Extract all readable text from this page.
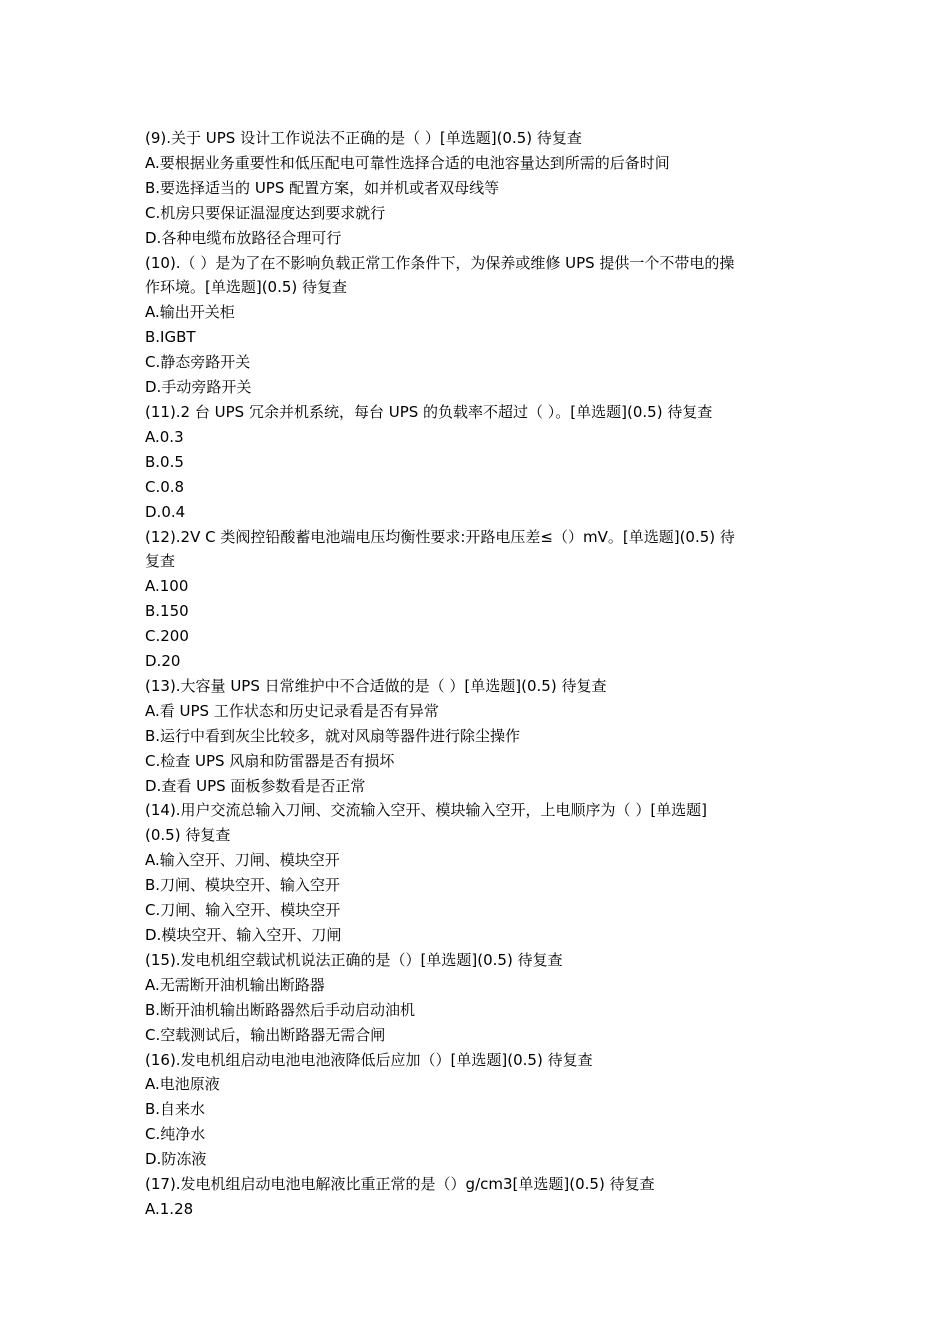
(9).关于 UPS 设计工作说法不正确的是（ ）[单选题](0.5) 待复查

A.要根据业务重要性和低压配电可靠性选择合适的电池容量达到所需的后备时间

B.要选择适当的 UPS 配置方案，如并机或者双母线等

C.机房只要保证温湿度达到要求就行

D.各种电缆布放路径合理可行

(10).（ ）是为了在不影响负载正常工作条件下，为保养或维修 UPS 提供一个不带电的操

作环境。[单选题](0.5) 待复查

A.输出开关柜

B.IGBT

C.静态旁路开关

D.手动旁路开关

(11).2 台 UPS 冗余并机系统，每台 UPS 的负载率不超过（ ）。[单选题](0.5) 待复查

A.0.3

B.0.5

C.0.8

D.0.4

(12).2V C 类阀控铅酸蓄电池端电压均衡性要求:开路电压差≤（）mV。[单选题](0.5) 待

复查

A.100

B.150

C.200

D.20

(13).大容量 UPS 日常维护中不合适做的是（ ）[单选题](0.5) 待复查

A.看 UPS 工作状态和历史记录看是否有异常

B.运行中看到灰尘比较多，就对风扇等器件进行除尘操作

C.检查 UPS 风扇和防雷器是否有损坏

D.查看 UPS 面板参数看是否正常

(14).用户交流总输入刀闸、交流输入空开、模块输入空开，上电顺序为（ ）[单选题]

(0.5) 待复查

A.输入空开、刀闸、模块空开

B.刀闸、模块空开、输入空开

C.刀闸、输入空开、模块空开

D.模块空开、输入空开、刀闸

(15).发电机组空载试机说法正确的是（）[单选题](0.5) 待复查

A.无需断开油机输出断路器

B.断开油机输出断路器然后手动启动油机

C.空载测试后，输出断路器无需合闸

(16).发电机组启动电池电池液降低后应加（）[单选题](0.5) 待复查

A.电池原液

B.自来水

C.纯净水

D.防冻液

(17).发电机组启动电池电解液比重正常的是（）g/cm3[单选题](0.5) 待复查

A.1.28
